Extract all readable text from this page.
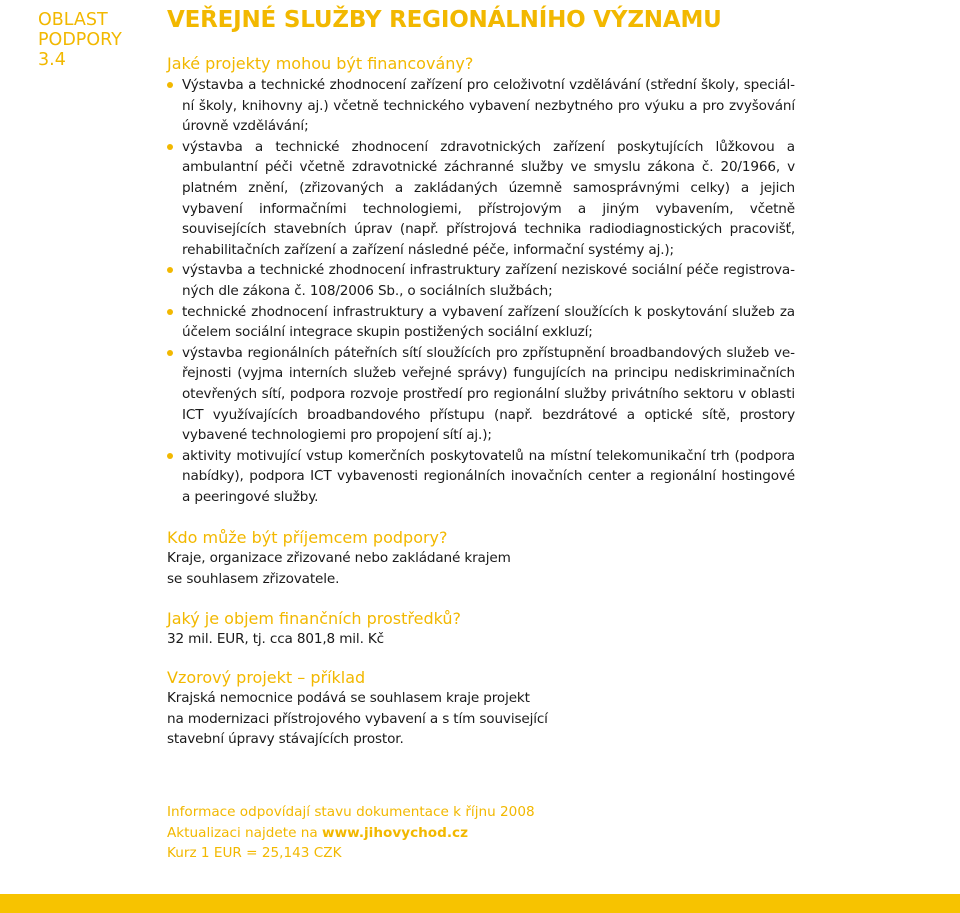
OBLAST
PODPORY
3.4
VEŘEJNÉ SLUŽBY REGIONÁLNÍHO VÝZNAMU
Jaké projekty mohou být financovány?
Výstavba a technické zhodnocení zařízení pro celoživotní vzdělávání (střední školy, speciální školy, knihovny aj.) včetně technického vybavení nezbytného pro výuku a pro zvyšování úrovně vzdělávání;
výstavba a technické zhodnocení zdravotnických zařízení poskytujících lůžkovou a ambulantní péči včetně zdravotnické záchranné služby ve smyslu zákona č. 20/1966, v platném znění, (zřizovaných a zakládaných územně samosprávnými celky) a jejich vybavení informačními technologiemi, přístrojovým a jiným vybavením, včetně souvisejících stavebních úprav (např. přístrojová technika radiodiagnostických pracovišť, rehabilitačních zařízení a zařízení následné péče, informační systémy aj.);
výstavba a technické zhodnocení infrastruktury zařízení neziskové sociální péče registrovaných dle zákona č. 108/2006 Sb., o sociálních službách;
technické zhodnocení infrastruktury a vybavení zařízení sloužících k poskytování služeb za účelem sociální integrace skupin postižených sociální exkluzí;
výstavba regionálních páteřních sítí sloužících pro zpřístupnění broadbandových služeb veřejnosti (vyjma interních služeb veřejné správy) fungujících na principu nediskriminačních otevřených sítí, podpora rozvoje prostředí pro regionální služby privátního sektoru v oblasti ICT využívajících broadbandového přístupu (např. bezdrátové a optické sítě, prostory vybavené technologiemi pro propojení sítí aj.);
aktivity motivující vstup komerčních poskytovatelů na místní telekomunikační trh (podpora nabídky), podpora ICT vybavenosti regionálních inovačních center a regionální hostingové a peeringové služby.
Kdo může být příjemcem podpory?

Kraje, organizace zřizované nebo zakládané krajem

se souhlasem zřizovatele.

Jaký je objem finančních prostředků?

32 mil. EUR, tj. cca 801,8 mil. Kč

Vzorový projekt – příklad

Krajská nemocnice podává se souhlasem kraje projekt

na modernizaci přístrojového vybavení a s tím související

stavební úpravy stávajících prostor.

Informace odpovídají stavu dokumentace k říjnu 2008
Aktualizaci najdete na www.jihovychod.cz
Kurz 1 EUR = 25,143 CZK
